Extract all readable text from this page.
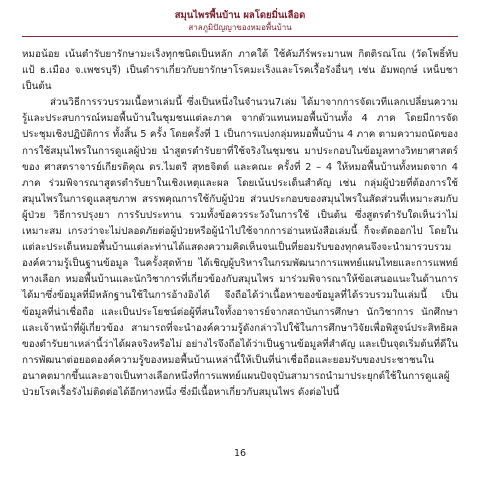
สมุนไพรพื้นบ้าน ผลโดยมิ่นเลือด
สาลภูมิปัญญาของหมอพื้นบ้าน

หมอน้อย เน้นตำรับยารักษามะเร็งทุกชนิดเป็นหลัก ภาคใต้ ใช้คัมภีร์พระมานพ กิตติรณโณ (วัดโพธิ์ทับแป้ ธ.เมือง จ.เพชรบุรี) เป็นตำราเกี่ยวกับยารักษาโรคมะเร็งและโรคเรื้อรังอื่นๆ เช่น อัมพฤกษ์ เหน็บชา เป็นต้น

ส่วนวิธีการรวบรวมเนื้อหาเล่มนี้ ซึ่งเป็นหนึ่งในจำนวน7เล่ม ได้มาจากการจัดเวทีแลกเปลี่ยนความรู้และประสบการณ์หมอพื้นบ้านในชุมชนแต่ละภาค จากตัวแทนหมอพื้นบ้านทั้ง 4 ภาค โดยมีการจัดประชุมเชิงปฏิบัติการ ทั้งสิ้น 5 ครั้ง โดยครั้งที่ 1 เป็นการแบ่งกลุ่มหมอพื้นบ้าน 4 ภาค ตามความถนัดของการใช้สมุนไพรในการดูแลผู้ป่วย นำสูตรตำรับยาที่ใช้จริงในชุมชน มาประกอบในข้อมูลทางวิทยาศาสตร์ของ ศาสตราจารย์เกียรติคุณ ดร.ไมตรี สุทธจิตต์ และคณะ ครั้งที่ 2 – 4 ให้หมอพื้นบ้านทั้งหมดจาก 4 ภาค ร่วมพิจารณาสูตรตำรับยาในเชิงเหตุและผล โดยเน้นประเด็นสำคัญ เช่น กลุ่มผู้ป่วยที่ต้องการใช้สมุนไพรในการดูแลสุขภาพ สรรพคุณการใช้กับผู้ป่วย ส่วนประกอบของสมุนไพรในสัดส่วนที่เหมาะสมกับผู้ป่วย วิธีการปรุงยา การรับประทาน รวมทั้งข้อควรระวังในการใช้ เป็นต้น ซึ่งสูตรตำรับใดเห็นว่าไม่เหมาะสม เกรงว่าจะไม่ปลอดภัยต่อผู้ป่วยหรือผู้นำไปใช้จากการอ่านหนังสือเล่มนี้ ก็จะตัดออกไป โดยในแต่ละประเด็นหมอพื้นบ้านแต่ละท่านได้แสดงความคิดเห็นจนเป็นที่ยอมรับของทุกคนจึงจะนำมารวบรวมองค์ความรู้เป็นฐานข้อมูล ในครั้งสุดท้าย ได้เชิญผู้บริหารในกรมพัฒนาการแพทย์แผนไทยและการแพทย์ทางเลือก หมอพื้นบ้านและนักวิชาการที่เกี่ยวข้องกับสมุนไพร มาร่วมพิจารณาให้ข้อเสนอแนะในด้านการได้มาซึ่งข้อมูลที่มีหลักฐานใช้ในการอ้างอิงได้ จึงถือได้ว่าเนื้อหาของข้อมูลที่ได้รวบรวมในเล่มนี้ เป็นข้อมูลที่น่าเชื่อถือ และเป็นประโยชน์ต่อผู้ที่สนใจทั้งอาจารย์จากสถาบันการศึกษา นักวิชาการ นักศึกษา และเจ้าหน้าที่ผู้เกี่ยวข้อง สามารถที่จะนำองค์ความรู้ดังกล่าวไปใช้ในการศึกษาวิจัยเพื่อพิสูจน์ประสิทธิผลของตำรับยาเหล่านี้ว่าได้ผลจริงหรือไม่ อย่างไรจึงถือได้ว่าเป็นฐานข้อมูลที่สำคัญ และเป็นจุดเริ่มต้นที่ดีในการพัฒนาต่อยอดองค์ความรู้ของหมอพื้นบ้านเหล่านี้ให้เป็นที่น่าเชื่อถือและยอมรับของประชาชนในอนาคตมากขึ้นและอาจเป็นทางเลือกหนึ่งที่การแพทย์แผนปัจจุบันสามารถนำมาประยุกต์ใช้ในการดูแลผู้ป่วยโรคเรื้อรังไม่ติดต่อได้อีกทางหนึ่ง ซึ่งมีเนื้อหาเกี่ยวกับสมุนไพร ดังต่อไปนี้

16
